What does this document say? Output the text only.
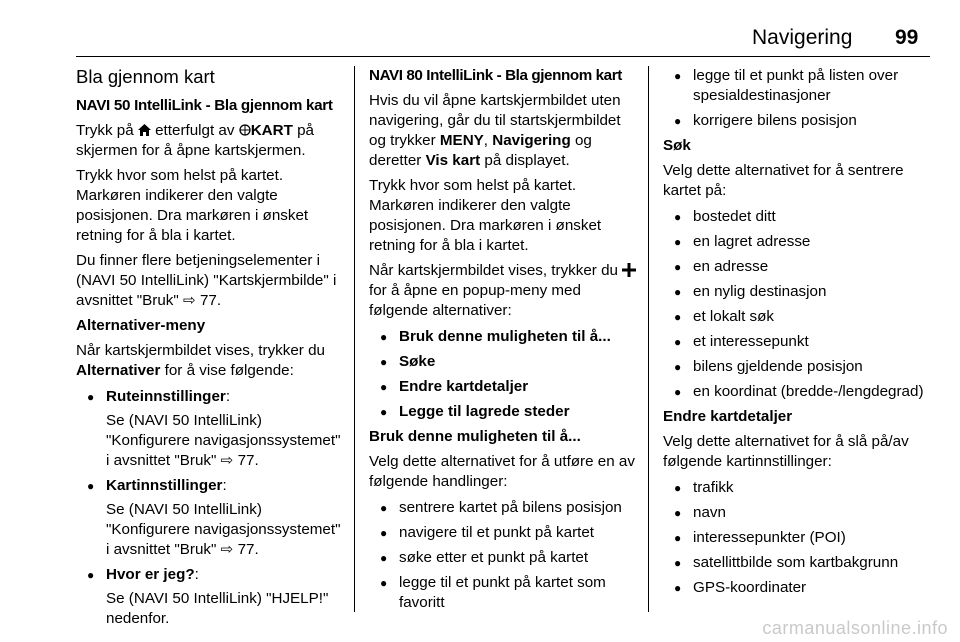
Navigering 99
Bla gjennom kart

NAVI 50 IntelliLink - Bla gjennom kart

Trykk på  etterfulgt av KART på skjermen for å åpne kartskjermen.

Trykk hvor som helst på kartet. Markøren indikerer den valgte posisjonen. Dra markøren i ønsket retning for å bla i kartet.

Du finner flere betjeningselementer i (NAVI 50 IntelliLink) "Kartskjermbilde" i avsnittet "Bruk" ⇨ 77.

Alternativer-meny

Når kartskjermbildet vises, trykker du Alternativer for å vise følgende:

● Ruteinnstillinger:
Se (NAVI 50 IntelliLink) "Konfigurere navigasjonssystemet" i avsnittet "Bruk" ⇨ 77.
● Kartinnstillinger:
Se (NAVI 50 IntelliLink) "Konfigurere navigasjonssystemet" i avsnittet "Bruk" ⇨ 77.
● Hvor er jeg?:
Se (NAVI 50 IntelliLink) "HJELP!" nedenfor.

NAVI 80 IntelliLink - Bla gjennom kart

Hvis du vil åpne kartskjermbildet uten navigering, går du til startskjermbildet og trykker MENY, Navigering og deretter Vis kart på displayet.

Trykk hvor som helst på kartet. Markøren indikerer den valgte posisjonen. Dra markøren i ønsket retning for å bla i kartet.

Når kartskjermbildet vises, trykker du  for å åpne en popup-meny med følgende alternativer:

● Bruk denne muligheten til å...
● Søke
● Endre kartdetaljer
● Legge til lagrede steder

Bruk denne muligheten til å...

Velg dette alternativet for å utføre en av følgende handlinger:

● sentrere kartet på bilens posisjon
● navigere til et punkt på kartet
● søke etter et punkt på kartet
● legge til et punkt på kartet som favoritt
● legge til et punkt på listen over spesialdestinasjoner
● korrigere bilens posisjon

Søk

Velg dette alternativet for å sentrere kartet på:

● bostedet ditt
● en lagret adresse
● en adresse
● en nylig destinasjon
● et lokalt søk
● et interessepunkt
● bilens gjeldende posisjon
● en koordinat (bredde-/lengdegrad)

Endre kartdetaljer

Velg dette alternativet for å slå på/av følgende kartinnstillinger:

● trafikk
● navn
● interessepunkter (POI)
● satellittbilde som kartbakgrunn
● GPS-koordinater
carmanualsonline.info
